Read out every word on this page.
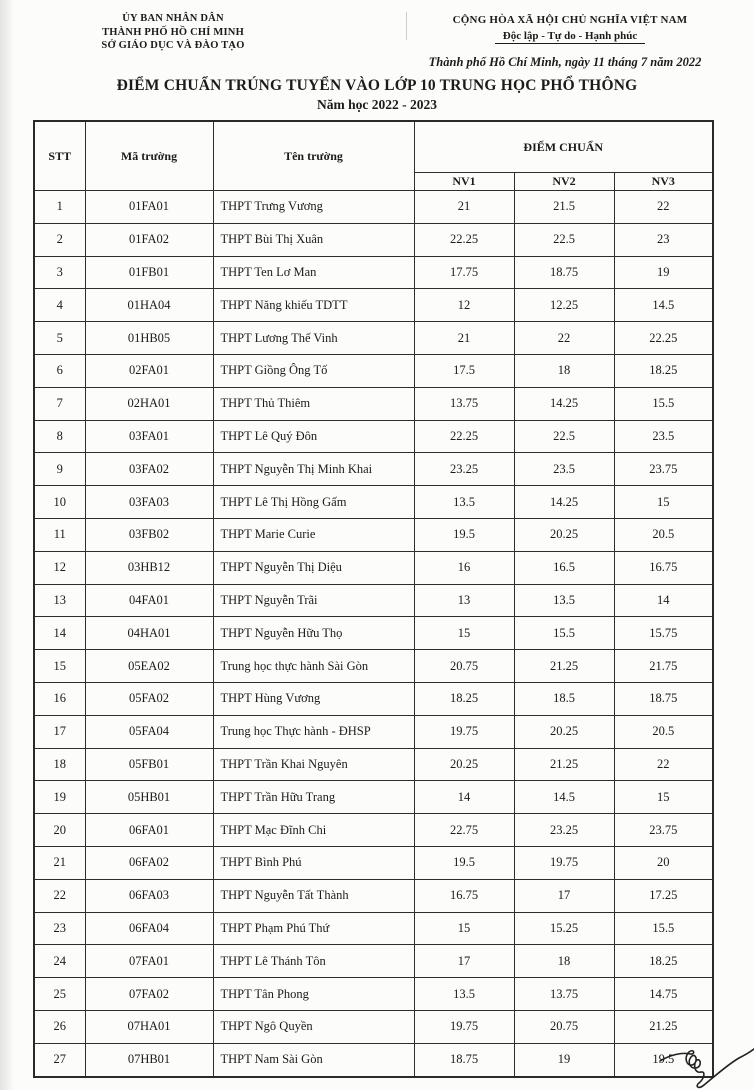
ỦY BAN NHÂN DÂN
THÀNH PHỐ HỒ CHÍ MINH
SỞ GIÁO DỤC VÀ ĐÀO TẠO
CỘNG HÒA XÃ HỘI CHỦ NGHĨA VIỆT NAM
Độc lập - Tự do - Hạnh phúc
Thành phố Hồ Chí Minh, ngày 11 tháng 7 năm 2022
ĐIỂM CHUẨN TRÚNG TUYỂN VÀO LỚP 10 TRUNG HỌC PHỔ THÔNG
Năm học 2022 - 2023
STT	Mã trường	Tên trường	ĐIỂM CHUẨN		
			NV1	NV2	NV3
1	01FA01	THPT Trưng Vương	21	21.5	22
2	01FA02	THPT Bùi Thị Xuân	22.25	22.5	23
3	01FB01	THPT Ten Lơ Man	17.75	18.75	19
4	01HA04	THPT Năng khiếu TDTT	12	12.25	14.5
5	01HB05	THPT Lương Thế Vinh	21	22	22.25
6	02FA01	THPT Giồng Ông Tố	17.5	18	18.25
7	02HA01	THPT Thủ Thiêm	13.75	14.25	15.5
8	03FA01	THPT Lê Quý Đôn	22.25	22.5	23.5
9	03FA02	THPT Nguyễn Thị Minh Khai	23.25	23.5	23.75
10	03FA03	THPT Lê Thị Hồng Gấm	13.5	14.25	15
11	03FB02	THPT Marie Curie	19.5	20.25	20.5
12	03HB12	THPT Nguyễn Thị Diệu	16	16.5	16.75
13	04FA01	THPT Nguyễn Trãi	13	13.5	14
14	04HA01	THPT Nguyễn Hữu Thọ	15	15.5	15.75
15	05EA02	Trung học thực hành Sài Gòn	20.75	21.25	21.75
16	05FA02	THPT Hùng Vương	18.25	18.5	18.75
17	05FA04	Trung học Thực hành - ĐHSP	19.75	20.25	20.5
18	05FB01	THPT Trần Khai Nguyên	20.25	21.25	22
19	05HB01	THPT Trần Hữu Trang	14	14.5	15
20	06FA01	THPT Mạc Đĩnh Chi	22.75	23.25	23.75
21	06FA02	THPT Bình Phú	19.5	19.75	20
22	06FA03	THPT Nguyễn Tất Thành	16.75	17	17.25
23	06FA04	THPT Phạm Phú Thứ	15	15.25	15.5
24	07FA01	THPT Lê Thánh Tôn	17	18	18.25
25	07FA02	THPT Tân Phong	13.5	13.75	14.75
26	07HA01	THPT Ngô Quyền	19.75	20.75	21.25
27	07HB01	THPT Nam Sài Gòn	18.75	19	19.5
